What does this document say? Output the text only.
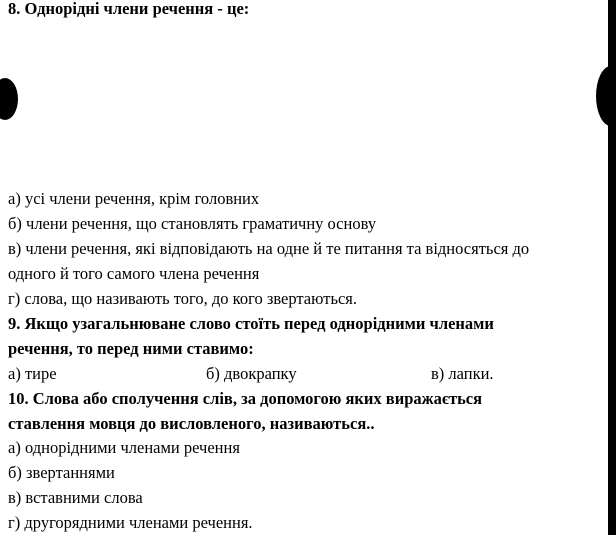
8. Однорідні члени речення - це:
а) усі члени речення, крім головних
б) члени речення, що становлять граматичну основу
в) члени речення, які відповідають на одне й те питання та відносяться до
одного й того самого члена речення
г) слова, що називають того, до кого звертаються.
9. Якщо узагальнюване слово стоїть перед однорідними членами
речення, то перед ними ставимо:
а) тире	б) двокрапку	в) лапки.
10. Слова або сполучення слів, за допомогою яких виражається
ставлення мовця до висловленого, називаються..
а) однорідними членами речення
б) звертаннями
в) вставними слова
г) другорядними членами речення.
